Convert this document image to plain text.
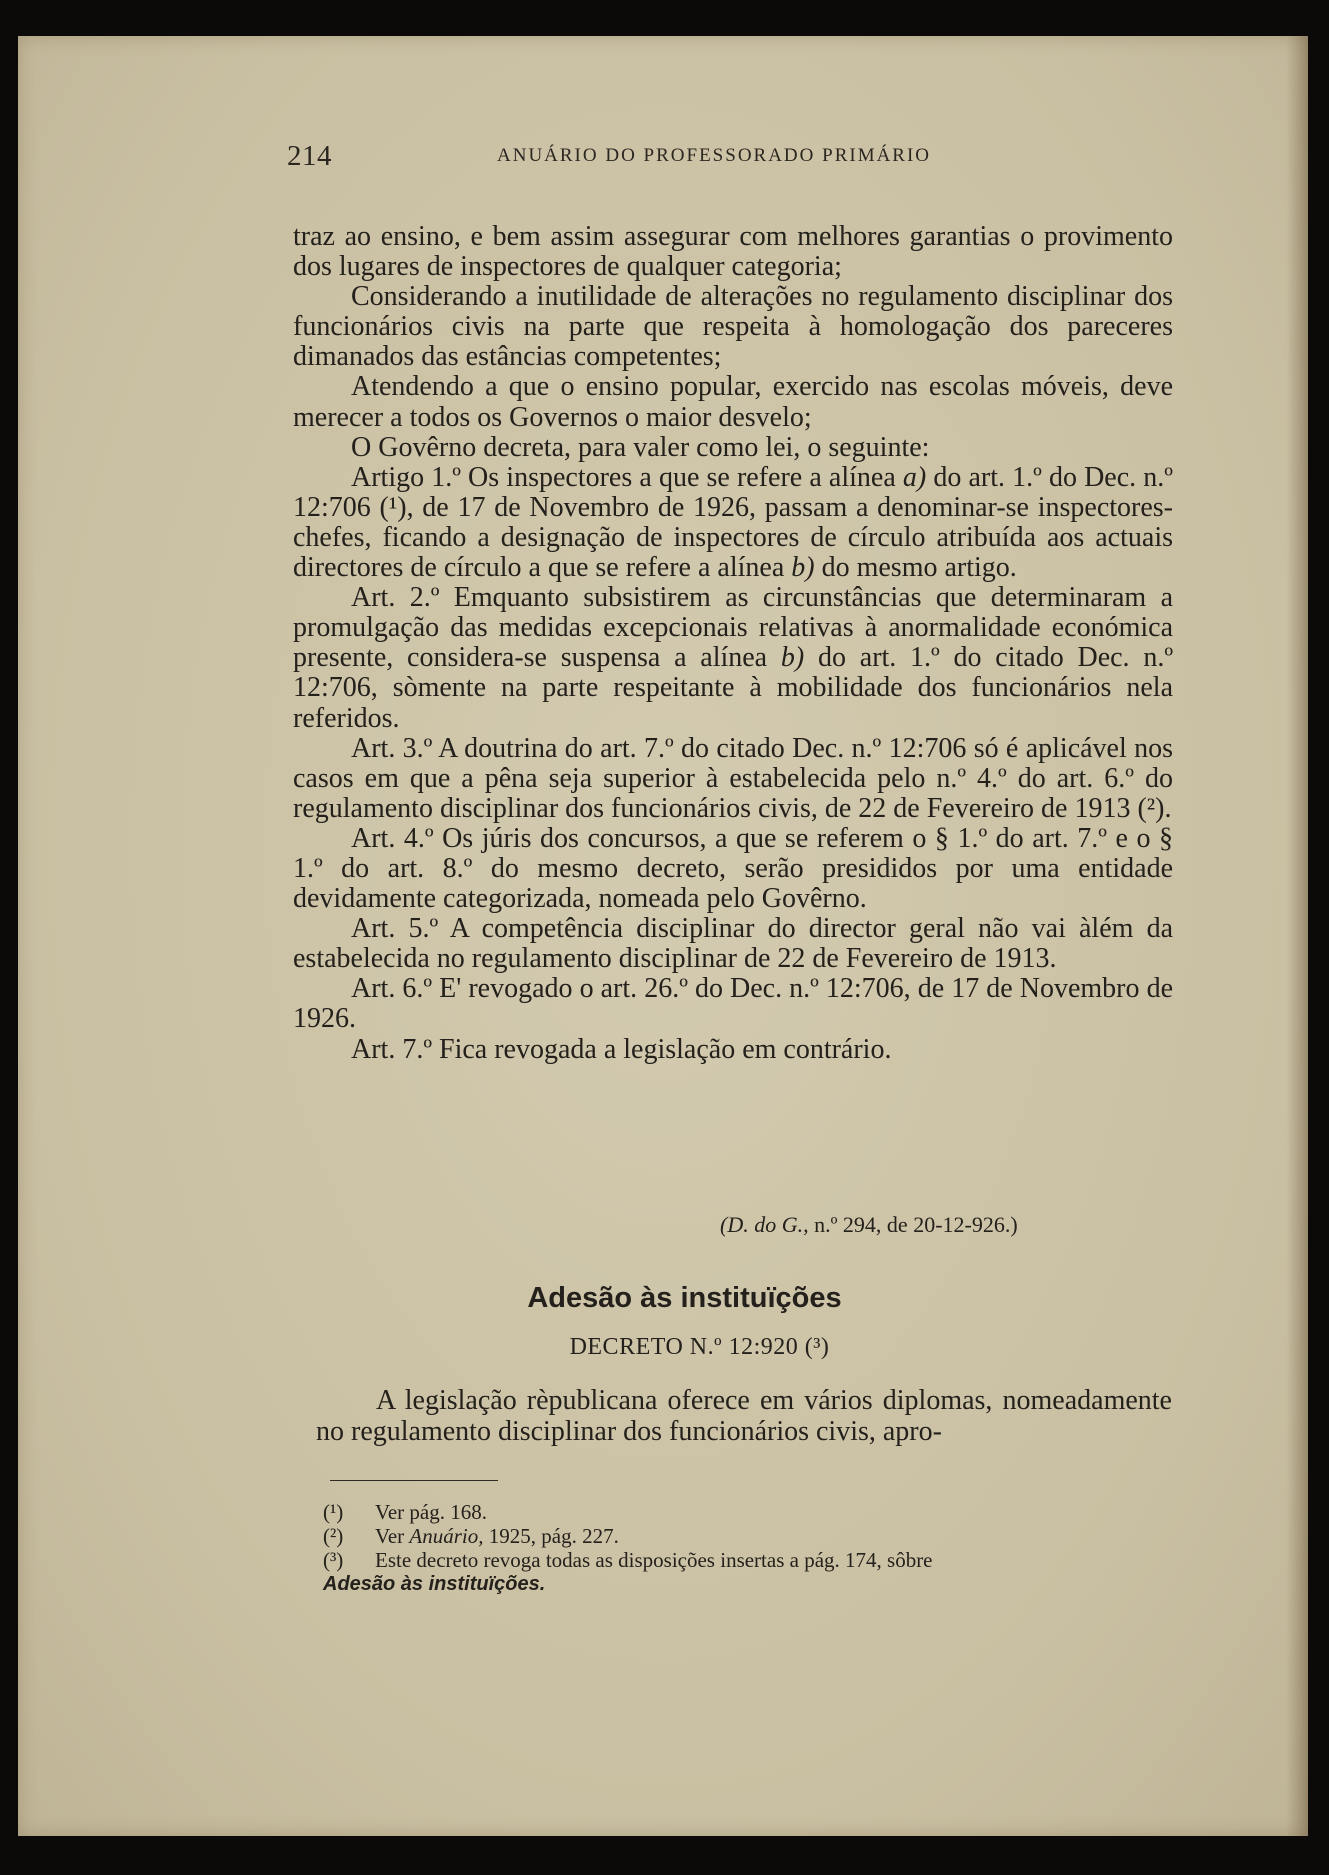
214	ANUÁRIO DO PROFESSORADO PRIMÁRIO

traz ao ensino, e bem assim assegurar com melhores garantias o provimento dos lugares de inspectores de qualquer categoria;

Considerando a inutilidade de alterações no regulamento disciplinar dos funcionários civis na parte que respeita à homologação dos pareceres dimanados das estâncias competentes;

Atendendo a que o ensino popular, exercido nas escolas móveis, deve merecer a todos os Governos o maior desvelo;

O Govêrno decreta, para valer como lei, o seguinte:

Artigo 1.º Os inspectores a que se refere a alínea a) do art. 1.º do Dec. n.º 12:706 (¹), de 17 de Novembro de 1926, passam a denominar-se inspectores-chefes, ficando a designação de inspectores de círculo atribuída aos actuais directores de círculo a que se refere a alínea b) do mesmo artigo.

Art. 2.º Emquanto subsistirem as circunstâncias que determinaram a promulgação das medidas excepcionais relativas à anormalidade económica presente, considera-se suspensa a alínea b) do art. 1.º do citado Dec. n.º 12:706, sòmente na parte respeitante à mobilidade dos funcionários nela referidos.

Art. 3.º A doutrina do art. 7.º do citado Dec. n.º 12:706 só é aplicável nos casos em que a pêna seja superior à estabelecida pelo n.º 4.º do art. 6.º do regulamento disciplinar dos funcionários civis, de 22 de Fevereiro de 1913 (²).

Art. 4.º Os júris dos concursos, a que se referem o § 1.º do art. 7.º e o § 1.º do art. 8.º do mesmo decreto, serão presididos por uma entidade devidamente categorizada, nomeada pelo Govêrno.

Art. 5.º A competência disciplinar do director geral não vai àlém da estabelecida no regulamento disciplinar de 22 de Fevereiro de 1913.

Art. 6.º E' revogado o art. 26.º do Dec. n.º 12:706, de 17 de Novembro de 1926.

Art. 7.º Fica revogada a legislação em contrário.

(D. do G., n.º 294, de 20-12-926.)
Adesão às instituïções
DECRETO N.º 12:920 (³)

A legislação rèpublicana oferece em vários diplomas, nomeadamente no regulamento disciplinar dos funcionários civis, apro-

(¹) Ver pág. 168.
(²) Ver Anuário, 1925, pág. 227.
(³) Este decreto revoga todas as disposições insertas a pág. 174, sôbre
Adesão às instituïções.
